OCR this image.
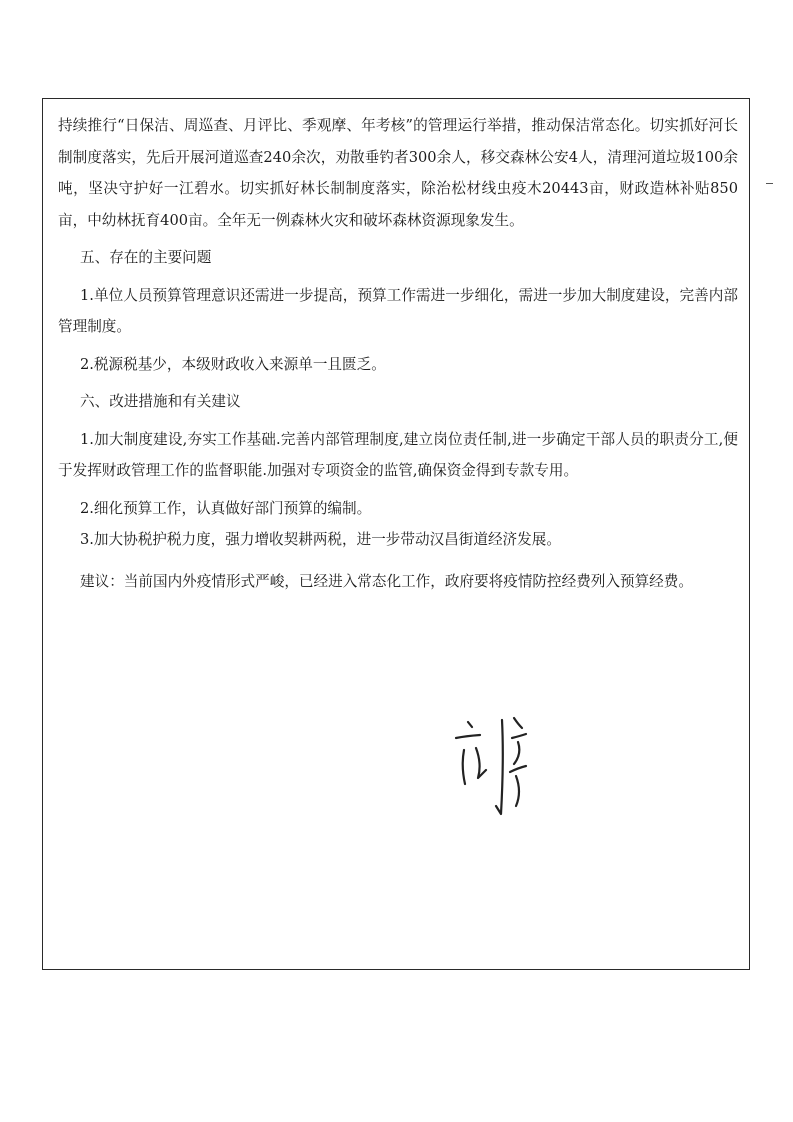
持续推行“日保洁、周巡查、月评比、季观摩、年考核”的管理运行举措，推动保洁常态化。切实抓好河长制制度落实，先后开展河道巡查240余次，劝散垂钓者300余人，移交森林公安4人，清理河道垃圾100余吨，坚决守护好一江碧水。切实抓好林长制制度落实，除治松材线虫疫木20443亩，财政造林补贴850亩，中幼林抚育400亩。全年无一例森林火灾和破坏森林资源现象发生。

五、存在的主要问题

1.单位人员预算管理意识还需进一步提高，预算工作需进一步细化，需进一步加大制度建设，完善内部管理制度。

2.税源税基少，本级财政收入来源单一且匮乏。

六、改进措施和有关建议

1.加大制度建设,夯实工作基础.完善内部管理制度,建立岗位责任制,进一步确定干部人员的职责分工,便于发挥财政管理工作的监督职能.加强对专项资金的监管,确保资金得到专款专用。

2.细化预算工作，认真做好部门预算的编制。

3.加大协税护税力度，强力增收契耕两税，进一步带动汉昌街道经济发展。

建议：当前国内外疫情形式严峻，已经进入常态化工作，政府要将疫情防控经费列入预算经费。
